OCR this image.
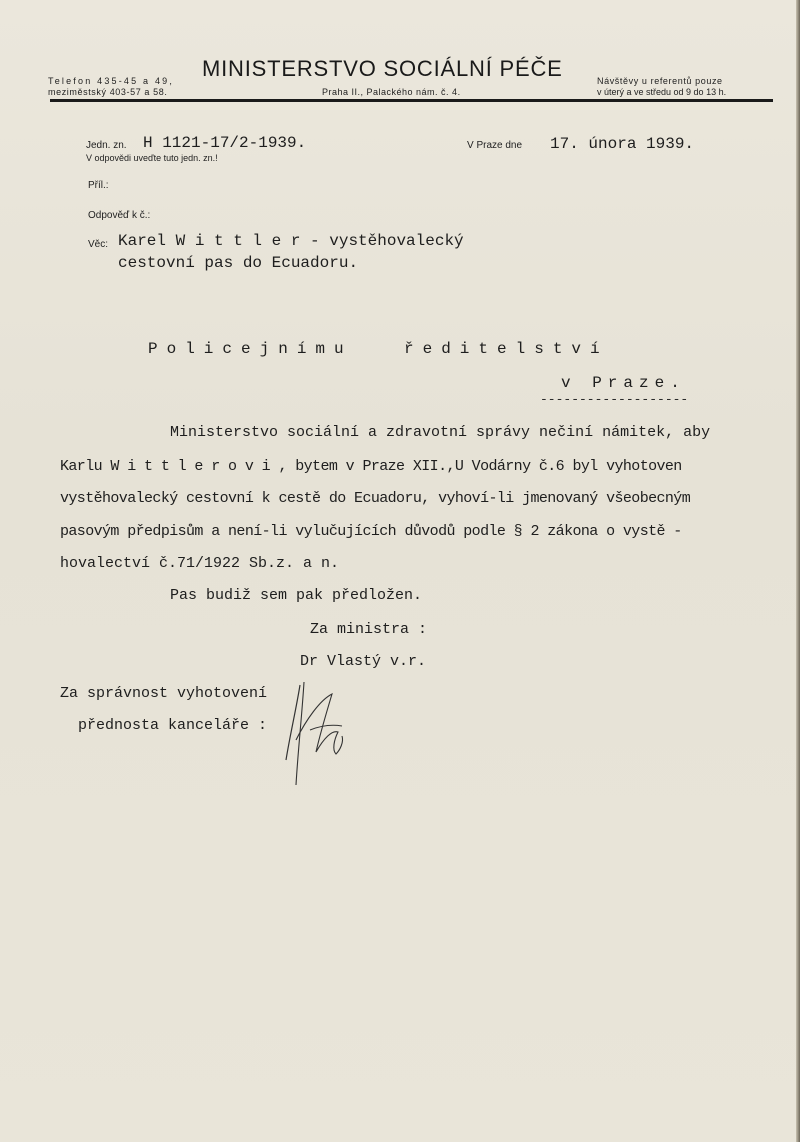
Telefon 435-45 a 49,
meziměstský 403-57 a 58.
MINISTERSTVO SOCIÁLNÍ PÉČE
Praha II., Palackého nám. č. 4.
Návštěvy u referentů pouze
v úterý a ve středu od 9 do 13 h.
Jedn. zn. H 1121-17/2-1939.
V odpovědi uveďte tuto jedn. zn.!
V Praze dne 17. února 1939.
Příl.:
Odpověď k č.:
Věc: Karel W i t t l e r - vystěhovalecký
cestovní pas do Ecuadoru.
Policejnímu	ředitelství
v Praze.
-------------------
Ministerstvo sociální a zdravotní správy nečiní námitek, aby
Karlu W i t t l e r o v i , bytem v Praze XII.,U Vodárny č.6 byl vyhotoven
vystěhovalecký cestovní k cestě do Ecuadoru, vyhoví-li jmenovaný všeobecným
pasovým předpisům a není-li vylučujících důvodů podle § 2 zákona o vystě -
hovalectví č.71/1922 Sb.z. a n.
Pas budiž sem pak předložen.
Za ministra :
Dr Vlastý v.r.
Za správnost vyhotovení
přednosta kanceláře :
